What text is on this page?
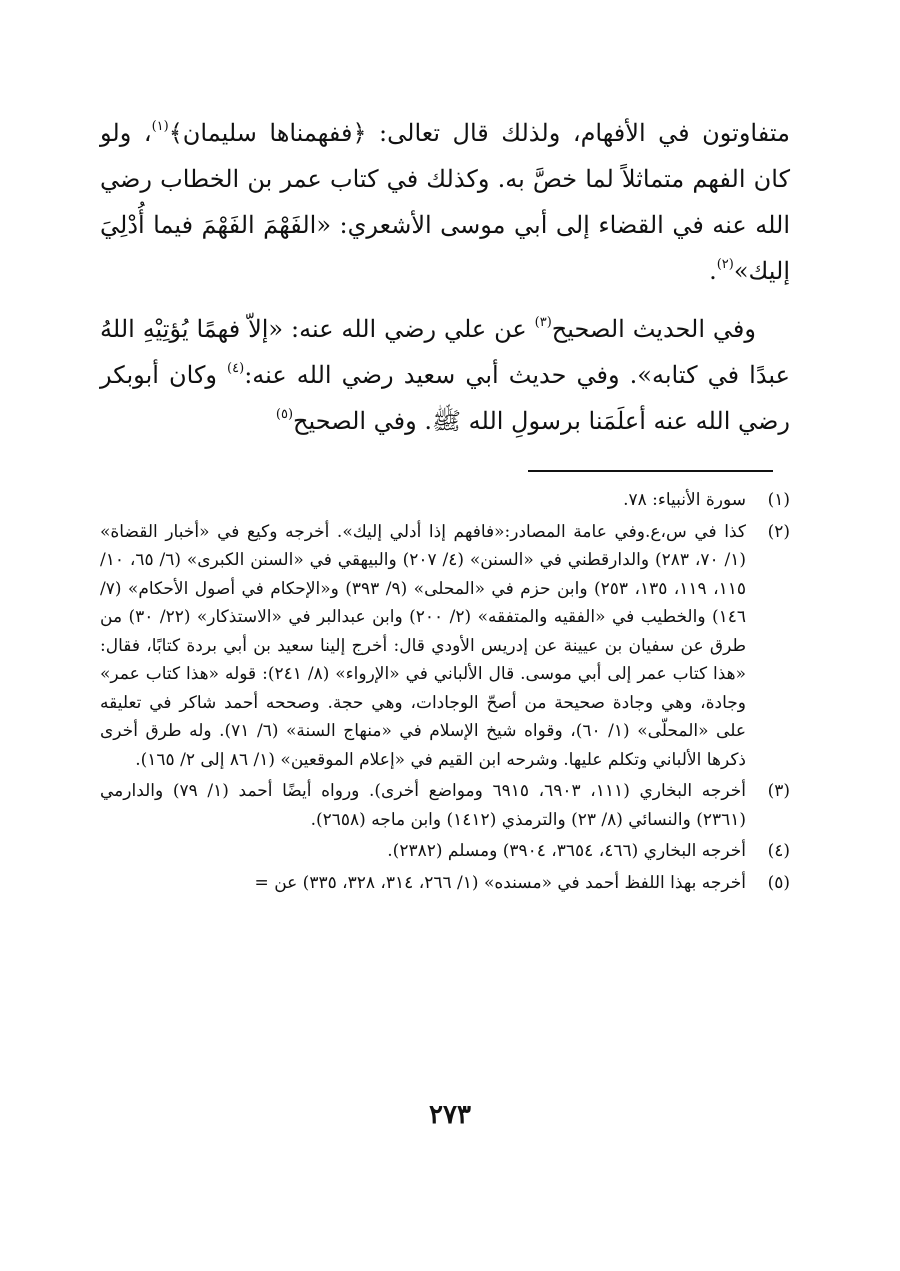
متفاوتون في الأفهام، ولذلك قال تعالى: ﴿ففهمناها سليمان﴾$^{(١)}$، ولو كان الفهم متماثلاً لما خصَّ به. وكذلك في كتاب عمر بن الخطاب رضي الله عنه في القضاء إلى أبي موسى الأشعري: «الفَهْمَ الفَهْمَ فيما أُدْلِيَ إليك»$^{(٢)}$.

وفي الحديث الصحيح$^{(٣)}$ عن علي رضي الله عنه: «إلاّ فهمًا يُؤتِيْهِ اللهُ عبدًا في كتابه». وفي حديث أبي سعيد رضي الله عنه:$^{(٤)}$ وكان أبوبكر رضي الله عنه أعلَمَنا برسولِ الله ﷺ. وفي الصحيح$^{(٥)}$

(١)
سورة الأنبياء: ٧٨.
(٢)
كذا في س،ع.وفي عامة المصادر:«فافهم إذا أدلي إليك». أخرجه وكيع في «أخبار القضاة» (١/ ٧٠، ٢٨٣) والدارقطني في «السنن» (٤/ ٢٠٧) والبيهقي في «السنن الكبرى» (٦/ ٦٥، ١٠/ ١١٥، ١١٩، ١٣٥، ٢٥٣) وابن حزم في «المحلى» (٩/ ٣٩٣) و«الإحكام في أصول الأحكام» (٧/ ١٤٦) والخطيب في «الفقيه والمتفقه» (٢/ ٢٠٠) وابن عبدالبر في «الاستذكار» (٢٢/ ٣٠) من طرق عن سفيان بن عيينة عن إدريس الأودي قال: أخرج إلينا سعيد بن أبي بردة كتابًا، فقال: «هذا كتاب عمر إلى أبي موسى. قال الألباني في «الإرواء» (٨/ ٢٤١): قوله «هذا كتاب عمر» وجادة، وهي وجادة صحيحة من أصحّ الوجادات، وهي حجة. وصححه أحمد شاكر في تعليقه على «المحلّى» (١/ ٦٠)، وقواه شيخ الإسلام في «منهاج السنة» (٦/ ٧١). وله طرق أخرى ذكرها الألباني وتكلم عليها. وشرحه ابن القيم في «إعلام الموقعين» (١/ ٨٦ إلى ٢/ ١٦٥).
(٣)
أخرجه البخاري (١١١، ٦٩٠٣، ٦٩١٥ ومواضع أخرى). ورواه أيضًا أحمد (١/ ٧٩) والدارمي (٢٣٦١) والنسائي (٨/ ٢٣) والترمذي (١٤١٢) وابن ماجه (٢٦٥٨).
(٤)
أخرجه البخاري (٤٦٦، ٣٦٥٤، ٣٩٠٤) ومسلم (٢٣٨٢).
(٥)
أخرجه بهذا اللفظ أحمد في «مسنده» (١/ ٢٦٦، ٣١٤، ٣٢٨، ٣٣٥) عن =
٢٧٣
